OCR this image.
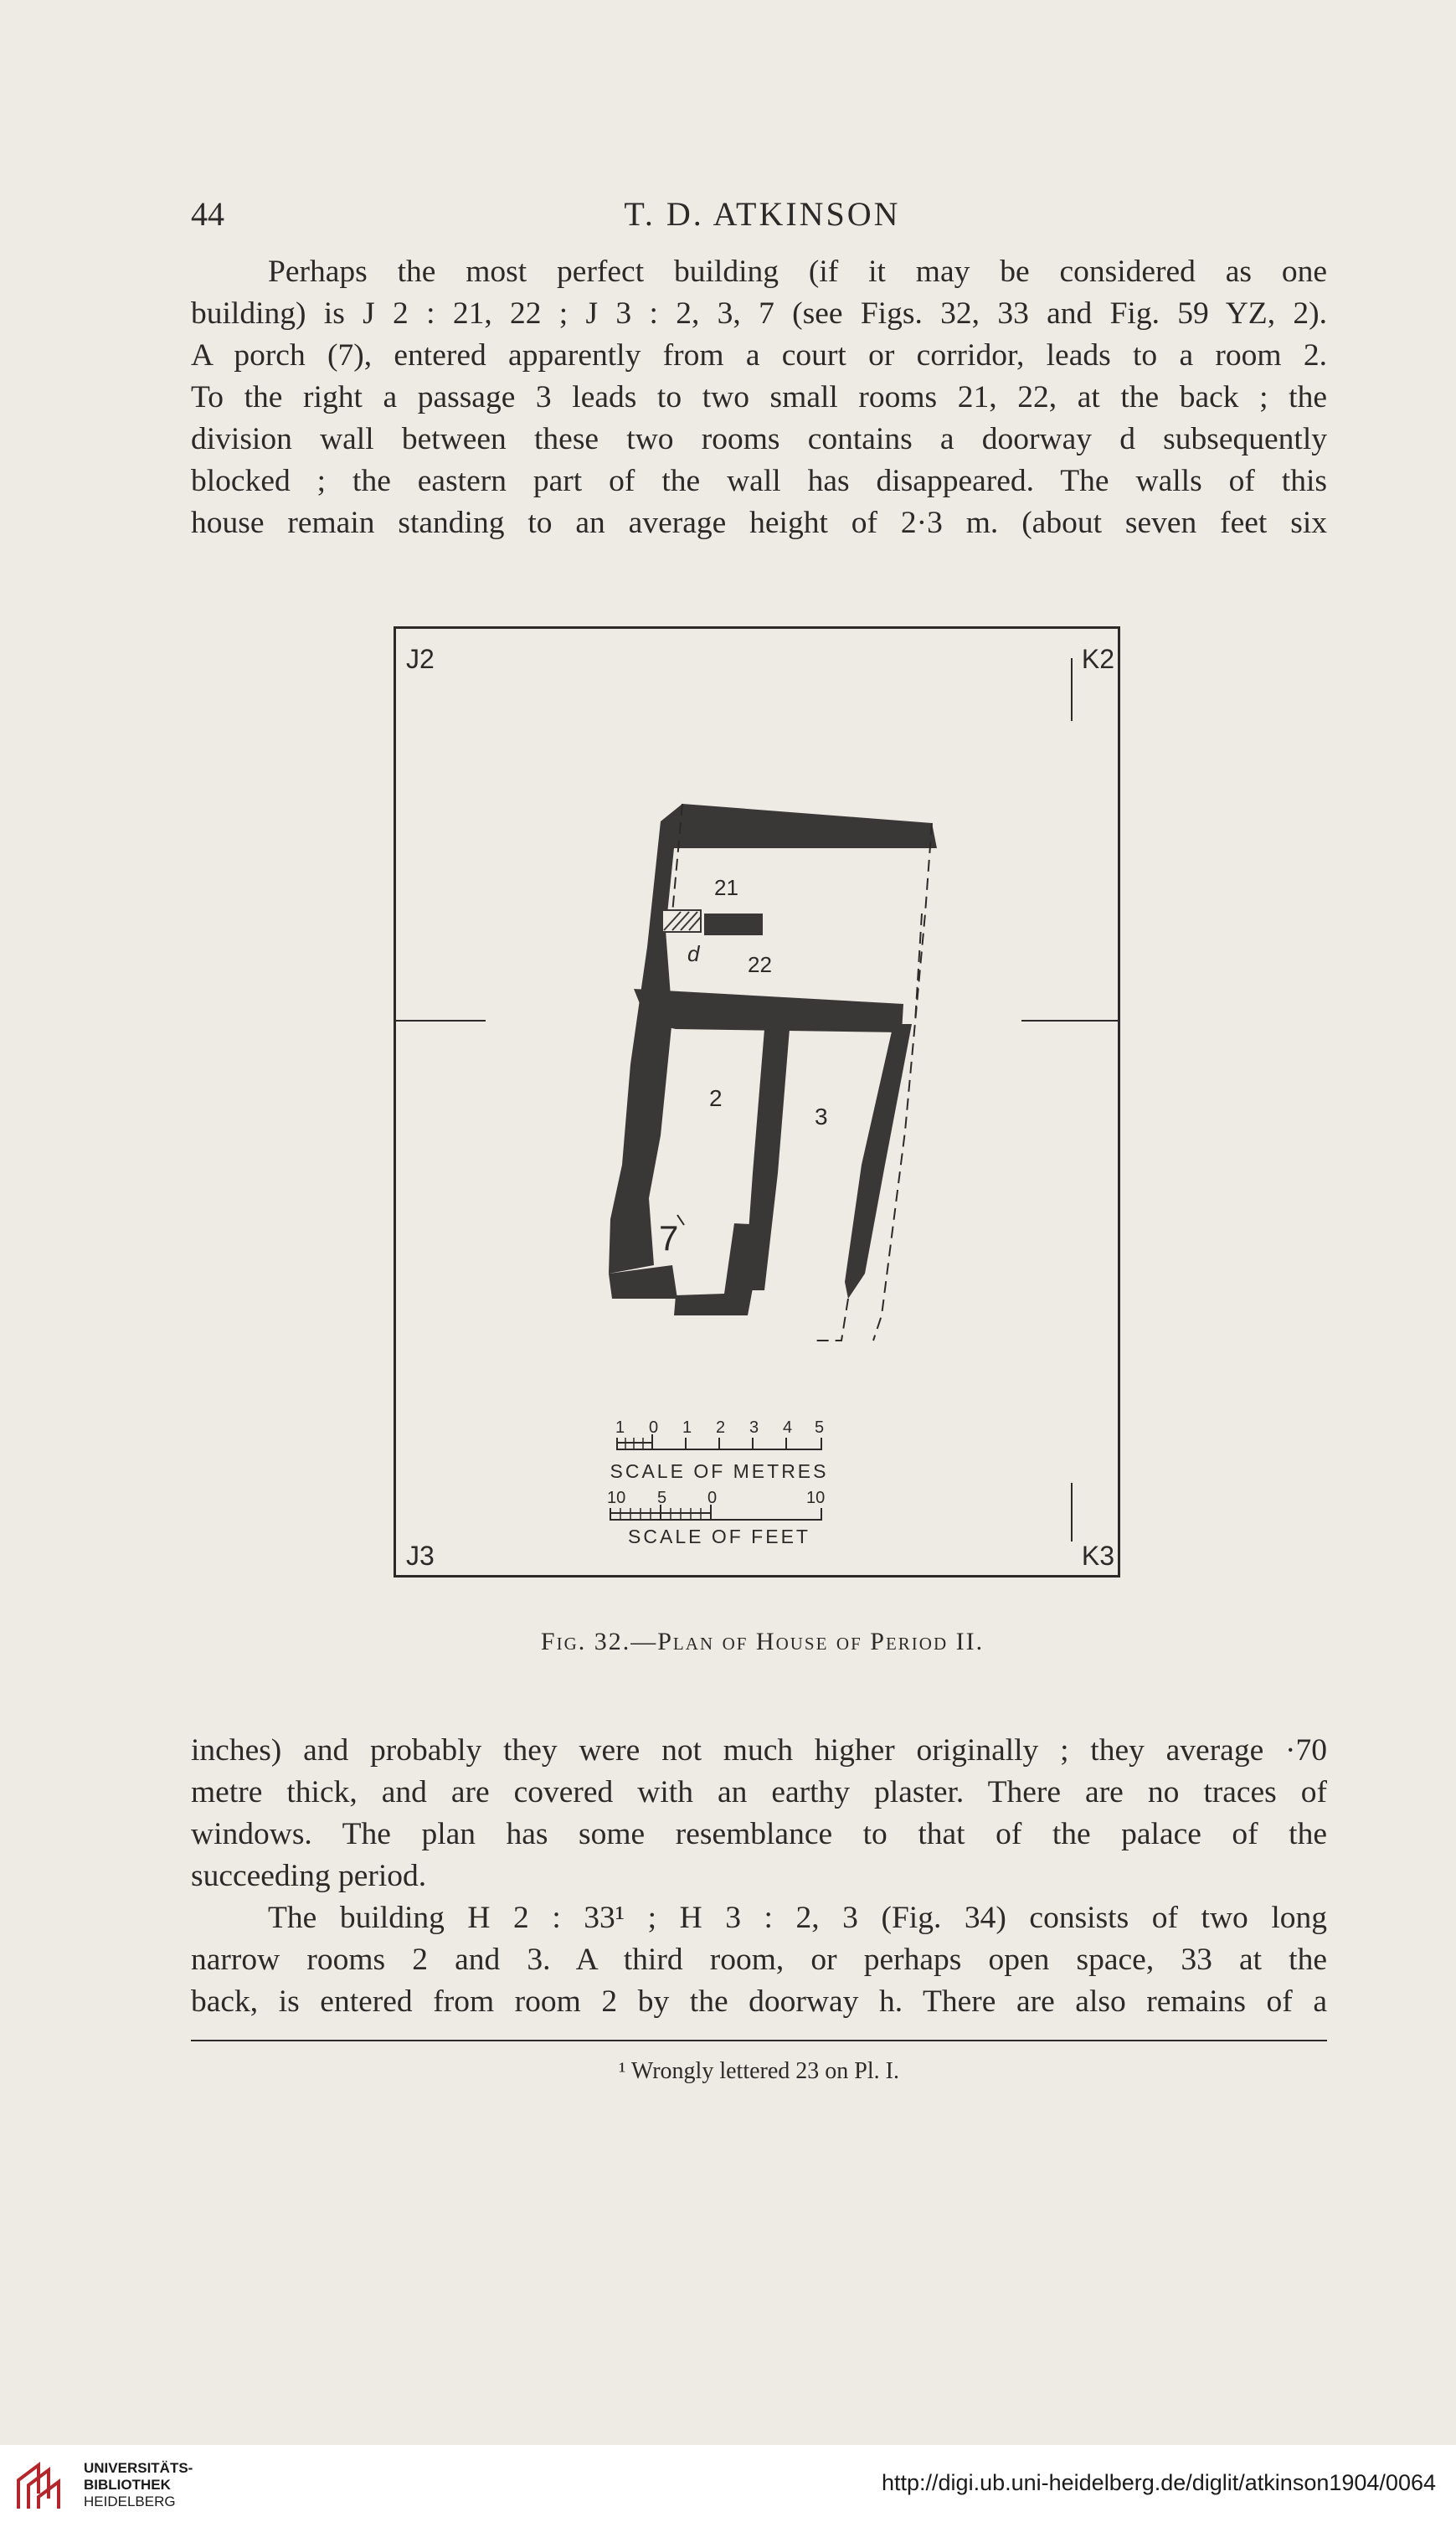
44	T. D. ATKINSON
Perhaps the most perfect building (if it may be considered as one
building) is J 2 : 21, 22 ; J 3 : 2, 3, 7 (see Figs. 32, 33 and Fig. 59 YZ, 2).
A porch (7), entered apparently from a court or corridor, leads to a room 2.
To the right a passage 3 leads to two small rooms 21, 22, at the back ; the
division wall between these two rooms contains a doorway d subsequently
blocked ; the eastern part of the wall has disappeared. The walls of this
house remain standing to an average height of 2·3 m. (about seven feet six
21
22
d
2
3
7
1 0 1 2 3 4 5
SCALE OF METRES
10 5 0	10
SCALE OF FEET
J2	K2
J3	K3
Fig. 32.—Plan of House of Period II.
inches) and probably they were not much higher originally ; they average ·70
metre thick, and are covered with an earthy plaster. There are no traces of
windows. The plan has some resemblance to that of the palace of the
succeeding period.
The building H 2 : 33¹ ; H 3 : 2, 3 (Fig. 34) consists of two long
narrow rooms 2 and 3. A third room, or perhaps open space, 33 at the
back, is entered from room 2 by the doorway h. There are also remains of a
¹ Wrongly lettered 23 on Pl. I.
UNIVERSITÄTS-
BIBLIOTHEK
HEIDELBERG
http://digi.ub.uni-heidelberg.de/diglit/atkinson1904/0064
